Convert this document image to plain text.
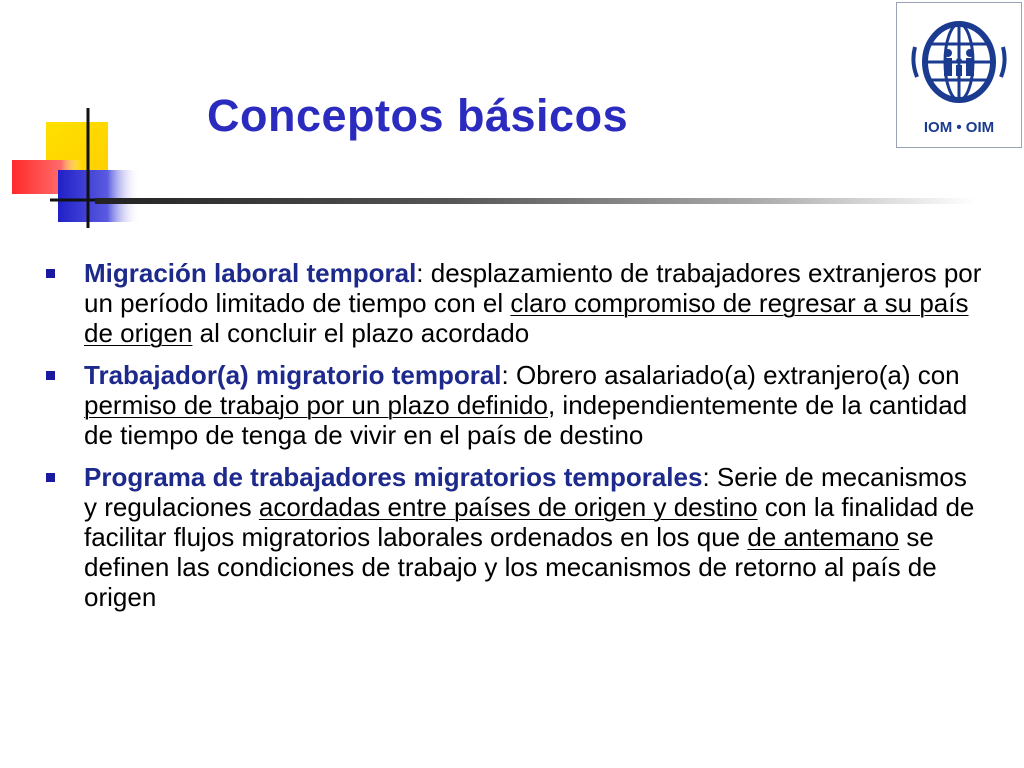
Conceptos básicos	IOM • OIM
Migración laboral temporal: desplazamiento de trabajadores extranjeros por un período limitado de tiempo con el claro compromiso de regresar a su país de origen al concluir el plazo acordado
Trabajador(a) migratorio temporal: Obrero asalariado(a) extranjero(a) con permiso de trabajo por un plazo definido, independientemente de la cantidad de tiempo de tenga de vivir en el país de destino
Programa de trabajadores migratorios temporales: Serie de mecanismos y regulaciones acordadas entre países de origen y destino con la finalidad de facilitar flujos migratorios laborales ordenados en los que de antemano se definen las condiciones de trabajo y los mecanismos de retorno al país de origen
